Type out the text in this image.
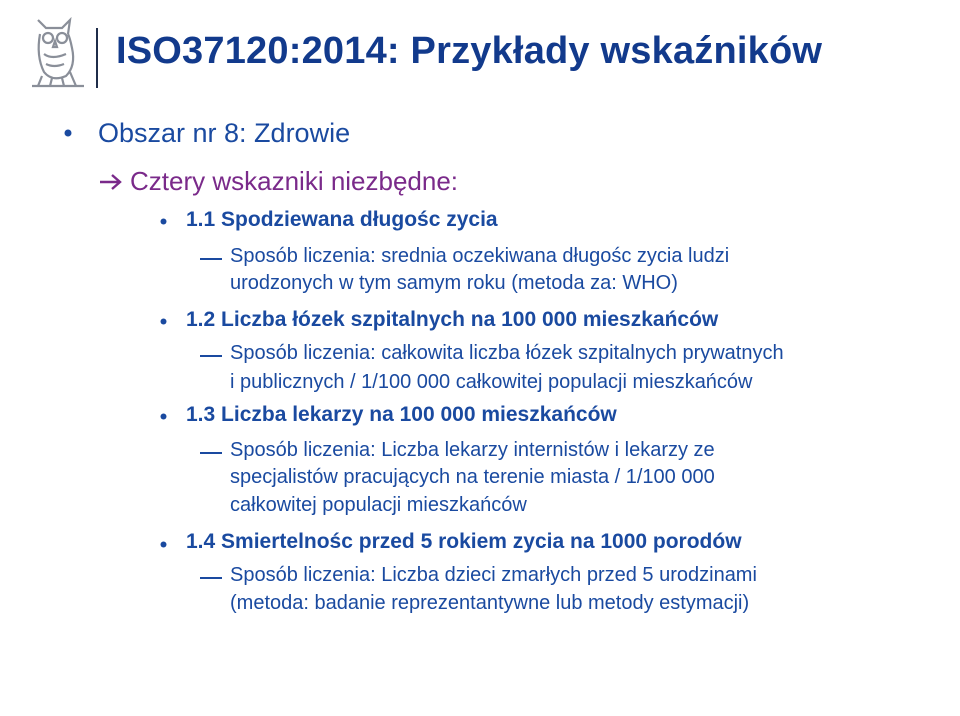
ISO37120:2014: Przykłady wskaźników
Obszar nr 8: Zdrowie
Cztery wskazniki niezbędne:
1.1 Spodziewana długośc zycia
Sposób liczenia: srednia oczekiwana długośc zycia ludzi
urodzonych w tym samym roku (metoda za: WHO)
1.2 Liczba łózek szpitalnych na 100 000 mieszkańców
Sposób liczenia: całkowita liczba łózek szpitalnych prywatnych
i publicznych / 1/100 000 całkowitej populacji mieszkańców
1.3 Liczba lekarzy na 100 000 mieszkańców
Sposób liczenia: Liczba lekarzy internistów i lekarzy ze
specjalistów pracujących na terenie miasta / 1/100 000
całkowitej populacji mieszkańców
1.4 Smiertelnośc przed 5 rokiem zycia na 1000 porodów
Sposób liczenia: Liczba dzieci zmarłych przed 5 urodzinami
(metoda: badanie reprezentantywne lub metody estymacji)
